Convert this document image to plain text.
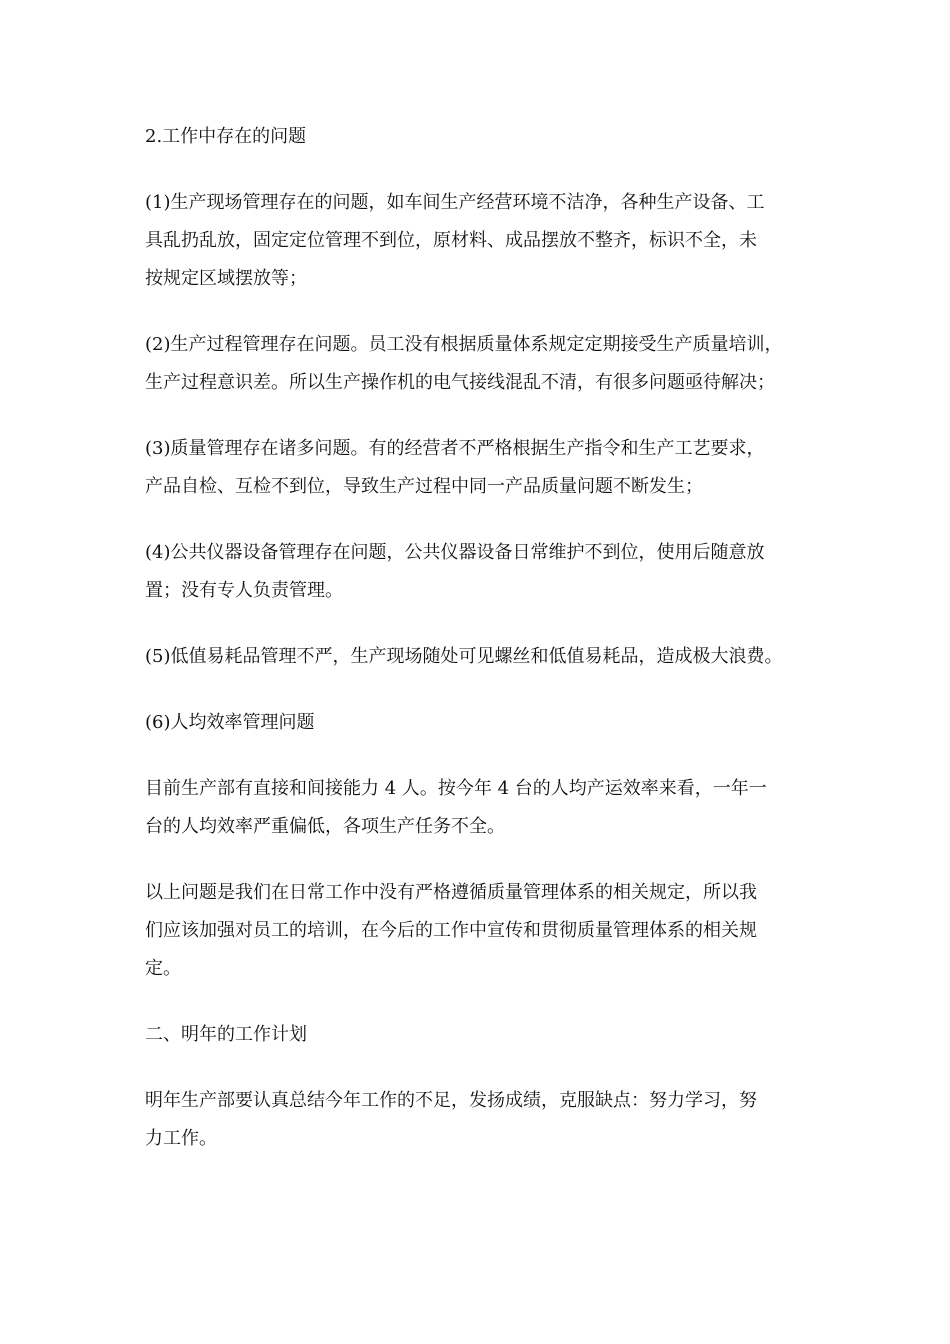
2.工作中存在的问题

(1)生产现场管理存在的问题，如车间生产经营环境不洁净，各种生产设备、工
具乱扔乱放，固定定位管理不到位，原材料、成品摆放不整齐，标识不全，未
按规定区域摆放等；

(2)生产过程管理存在问题。员工没有根据质量体系规定定期接受生产质量培训，
生产过程意识差。所以生产操作机的电气接线混乱不清，有很多问题亟待解决；

(3)质量管理存在诸多问题。有的经营者不严格根据生产指令和生产工艺要求，
产品自检、互检不到位，导致生产过程中同一产品质量问题不断发生；

(4)公共仪器设备管理存在问题，公共仪器设备日常维护不到位，使用后随意放
置；没有专人负责管理。

(5)低值易耗品管理不严，生产现场随处可见螺丝和低值易耗品，造成极大浪费。

(6)人均效率管理问题

目前生产部有直接和间接能力 4 人。按今年 4 台的人均产运效率来看，一年一
台的人均效率严重偏低，各项生产任务不全。

以上问题是我们在日常工作中没有严格遵循质量管理体系的相关规定，所以我
们应该加强对员工的培训，在今后的工作中宣传和贯彻质量管理体系的相关规
定。

二、明年的工作计划

明年生产部要认真总结今年工作的不足，发扬成绩，克服缺点：努力学习，努
力工作。
